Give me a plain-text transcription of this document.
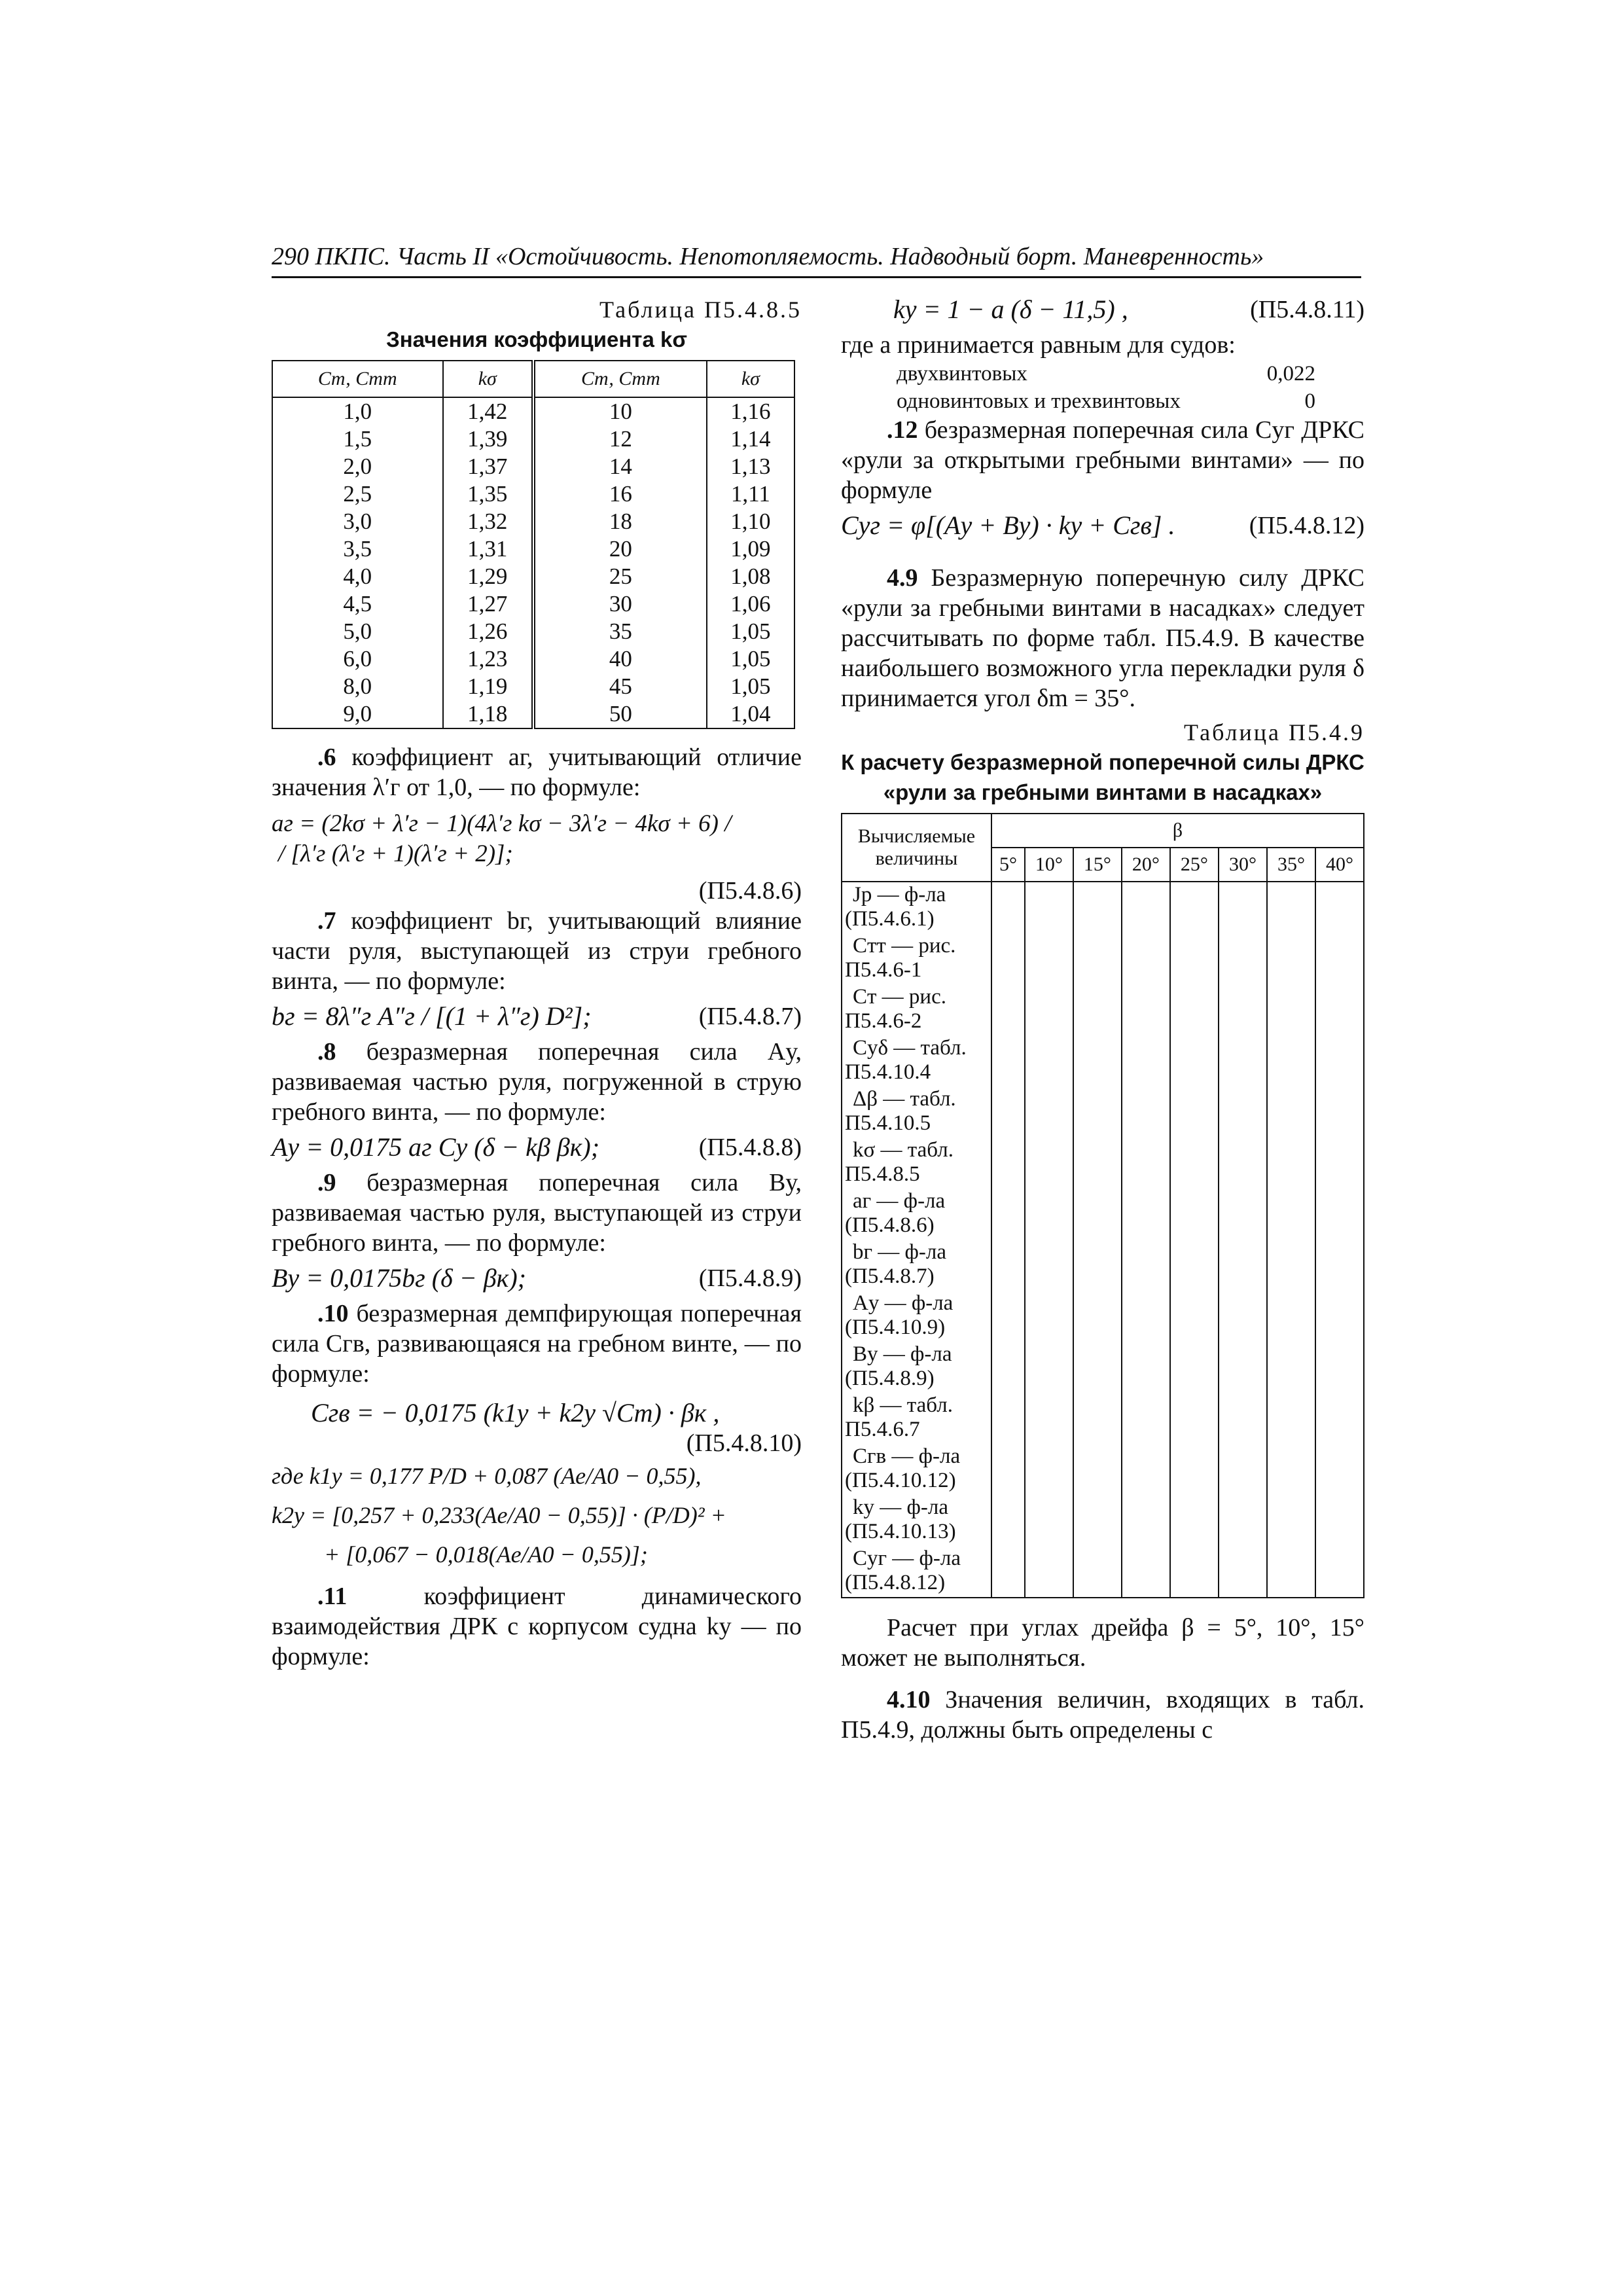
290 ПКПС. Часть II «Остойчивость. Непотопляемость. Надводный борт. Маневренность»
Таблица П5.4.8.5
Значения коэффициента kσ
Cт, Cтт	kσ	Cт, Cтт	kσ
1,0	1,42	10	1,16
1,5	1,39	12	1,14
2,0	1,37	14	1,13
2,5	1,35	16	1,11
3,0	1,32	18	1,10
3,5	1,31	20	1,09
4,0	1,29	25	1,08
4,5	1,27	30	1,06
5,0	1,26	35	1,05
6,0	1,23	40	1,05
8,0	1,19	45	1,05
9,0	1,18	50	1,04

.6 коэффициент aг, учитывающий отличие значения λ′г от 1,0, — по формуле:

aг = (2kσ + λ′г − 1)(4λ′г kσ − 3λ′г − 4kσ + 6) /
/ [λ′г (λ′г + 1)(λ′г + 2)];
(П5.4.8.6)

.7 коэффициент bг, учитывающий влияние части руля, выступающей из струи гребного винта, — по формуле:

bг = 8λ″г A″г / [(1 + λ″г) D²];	(П5.4.8.7)

.8 безразмерная поперечная сила Aу, развиваемая частью руля, погруженной в струю гребного винта, — по формуле:

Aу = 0,0175 aг Cу (δ − kβ βк);	(П5.4.8.8)

.9 безразмерная поперечная сила Bу, развиваемая частью руля, выступающей из струи гребного винта, — по формуле:

Bу = 0,0175bг (δ − βк);	(П5.4.8.9)

.10 безразмерная демпфирующая поперечная сила Cгв, развивающаяся на гребном винте, — по формуле:

Cгв = − 0,0175 (k1у + k2у √Cт) · βк ,
(П5.4.8.10)
где k1у = 0,177 P/D + 0,087 (Ae/A0 − 0,55),
k2у = [0,257 + 0,233(Ae/A0 − 0,55)] · (P/D)² +
+ [0,067 − 0,018(Ae/A0 − 0,55)];

.11 коэффициент динамического взаимодействия ДРК с корпусом судна kу — по формуле:

kу = 1 − a (δ − 11,5) ,	(П5.4.8.11)

где a принимается равным для судов:

двухвинтовых	0,022
одновинтовых и трехвинтовых	0

.12 безразмерная поперечная сила Cуг ДРКС «рули за открытыми гребными винтами» — по формуле

Cуг = φ[(Aу + Bу) · kу + Cгв] .	(П5.4.8.12)

4.9 Безразмерную поперечную силу ДРКС «рули за гребными винтами в насадках» следует рассчитывать по форме табл. П5.4.9. В качестве наибольшего возможного угла перекладки руля δ принимается угол δm = 35°.

Таблица П5.4.9
К расчету безразмерной поперечной силы ДРКС
«рули за гребными винтами в насадках»
Вычисляемые величины	β							
	5°	10°	15°	20°	25°	30°	35°	40°

Jр — ф-ла
(П5.4.6.1)								

Cтт — рис.
П5.4.6-1								

Cт — рис.
П5.4.6-2								

Cуδ — табл.
П5.4.10.4								

Δβ — табл.
П5.4.10.5								

kσ — табл.
П5.4.8.5								

aг — ф-ла
(П5.4.8.6)								

bг — ф-ла
(П5.4.8.7)								

Aу — ф-ла
(П5.4.10.9)								

Bу — ф-ла
(П5.4.8.9)								

kβ — табл.
П5.4.6.7								

Cгв — ф-ла
(П5.4.10.12)								

kу — ф-ла
(П5.4.10.13)								

Cуг — ф-ла
(П5.4.8.12)								

Расчет при углах дрейфа β = 5°, 10°, 15° может не выполняться.

4.10 Значения величин, входящих в табл. П5.4.9, должны быть определены с
